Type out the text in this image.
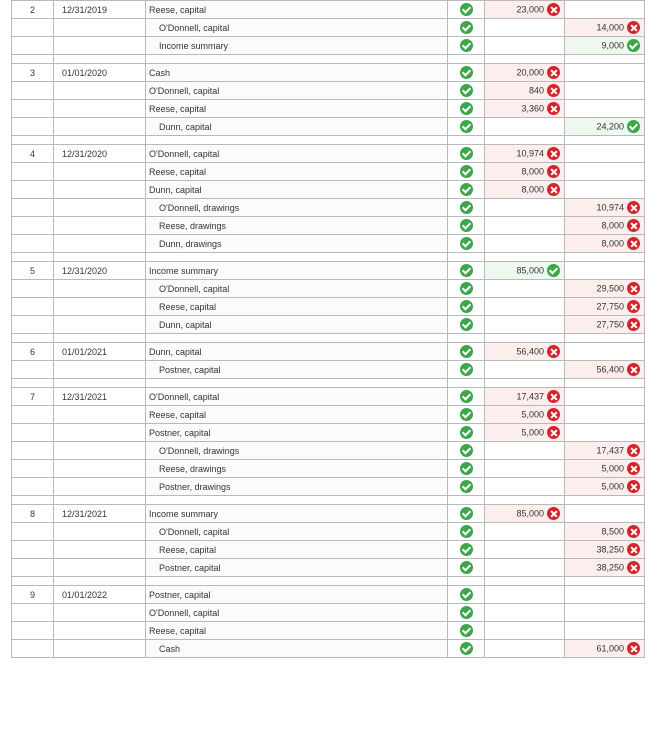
2	12/31/2019	Reese, capital		23,000	
		O'Donnell, capital			14,000
		Income summary			9,000

3	01/01/2020	Cash		20,000	
		O'Donnell, capital		840	
		Reese, capital		3,360	
		Dunn, capital			24,200

4	12/31/2020	O'Donnell, capital		10,974	
		Reese, capital		8,000	
		Dunn, capital		8,000	
		O'Donnell, drawings			10,974
		Reese, drawings			8,000
		Dunn, drawings			8,000

5	12/31/2020	Income summary		85,000	
		O'Donnell, capital			29,500
		Reese, capital			27,750
		Dunn, capital			27,750

6	01/01/2021	Dunn, capital		56,400	
		Postner, capital			56,400

7	12/31/2021	O'Donnell, capital		17,437	
		Reese, capital		5,000	
		Postner, capital		5,000	
		O'Donnell, drawings			17,437
		Reese, drawings			5,000
		Postner, drawings			5,000

8	12/31/2021	Income summary		85,000	
		O'Donnell, capital			8,500
		Reese, capital			38,250
		Postner, capital			38,250

9	01/01/2022	Postner, capital			
		O'Donnell, capital			
		Reese, capital			
		Cash			61,000
